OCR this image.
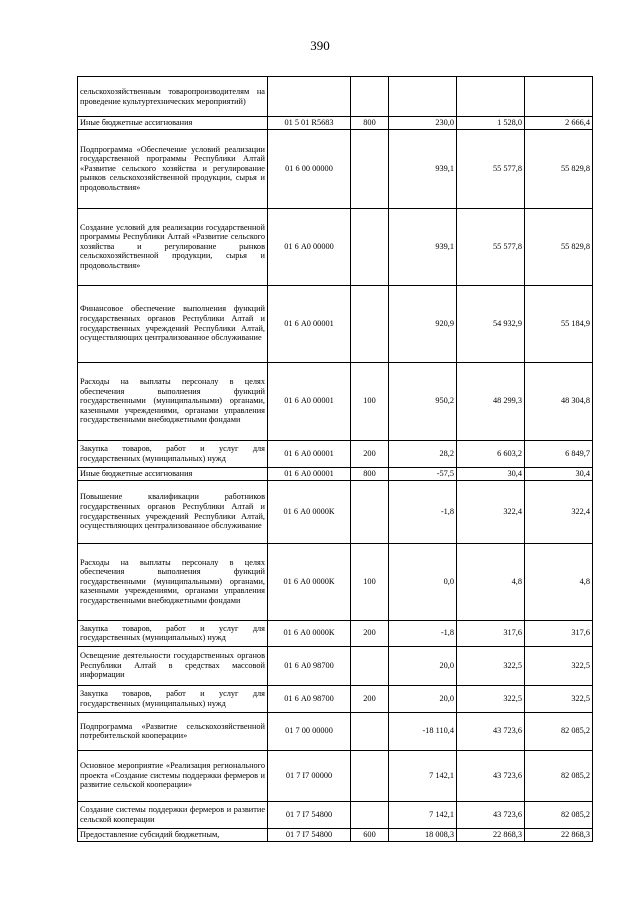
390
сельскохозяйственным товаропроизводителям на проведение культуртехнических мероприятий)					
Иные бюджетные ассигнования	01 5 01 R5683	800	230,0	1 528,0	2 666,4
Подпрограмма «Обеспечение условий реализации государственной программы Республики Алтай «Развитие сельского хозяйства и регулирование рынков сельскохозяйственной продукции, сырья и продовольствия»	01 6 00 00000		939,1	55 577,8	55 829,8
Создание условий для реализации государственной программы Республики Алтай «Развитие сельского хозяйства и регулирование рынков сельскохозяйственной продукции, сырья и продовольствия»	01 6 А0 00000		939,1	55 577,8	55 829,8
Финансовое обеспечение выполнения функций государственных органов Республики Алтай и государственных учреждений Республики Алтай, осуществляющих централизованное обслуживание	01 6 А0 00001		920,9	54 932,9	55 184,9
Расходы на выплаты персоналу в целях обеспечения выполнения функций государственными (муниципальными) органами, казенными учреждениями, органами управления государственными внебюджетными фондами	01 6 А0 00001	100	950,2	48 299,3	48 304,8
Закупка товаров, работ и услуг для государственных (муниципальных) нужд	01 6 А0 00001	200	28,2	6 603,2	6 849,7
Иные бюджетные ассигнования	01 6 А0 00001	800	-57,5	30,4	30,4
Повышение квалификации работников государственных органов Республики Алтай и государственных учреждений Республики Алтай, осуществляющих централизованное обслуживание	01 6 А0 0000К		-1,8	322,4	322,4
Расходы на выплаты персоналу в целях обеспечения выполнения функций государственными (муниципальными) органами, казенными учреждениями, органами управления государственными внебюджетными фондами	01 6 А0 0000К	100	0,0	4,8	4,8
Закупка товаров, работ и услуг для государственных (муниципальных) нужд	01 6 А0 0000К	200	-1,8	317,6	317,6
Освещение деятельности государственных органов Республики Алтай в средствах массовой информации	01 6 А0 98700		20,0	322,5	322,5
Закупка товаров, работ и услуг для государственных (муниципальных) нужд	01 6 А0 98700	200	20,0	322,5	322,5
Подпрограмма «Развитие сельскохозяйственной потребительской кооперации»	01 7 00 00000		-18 110,4	43 723,6	82 085,2
Основное мероприятие «Реализация регионального проекта «Создание системы поддержки фермеров и развитие сельской кооперации»	01 7 I7 00000		7 142,1	43 723,6	82 085,2
Создание системы поддержки фермеров и развитие сельской кооперации	01 7 I7 54800		7 142,1	43 723,6	82 085,2
Предоставление субсидий бюджетным,	01 7 I7 54800	600	18 008,3	22 868,3	22 868,3
